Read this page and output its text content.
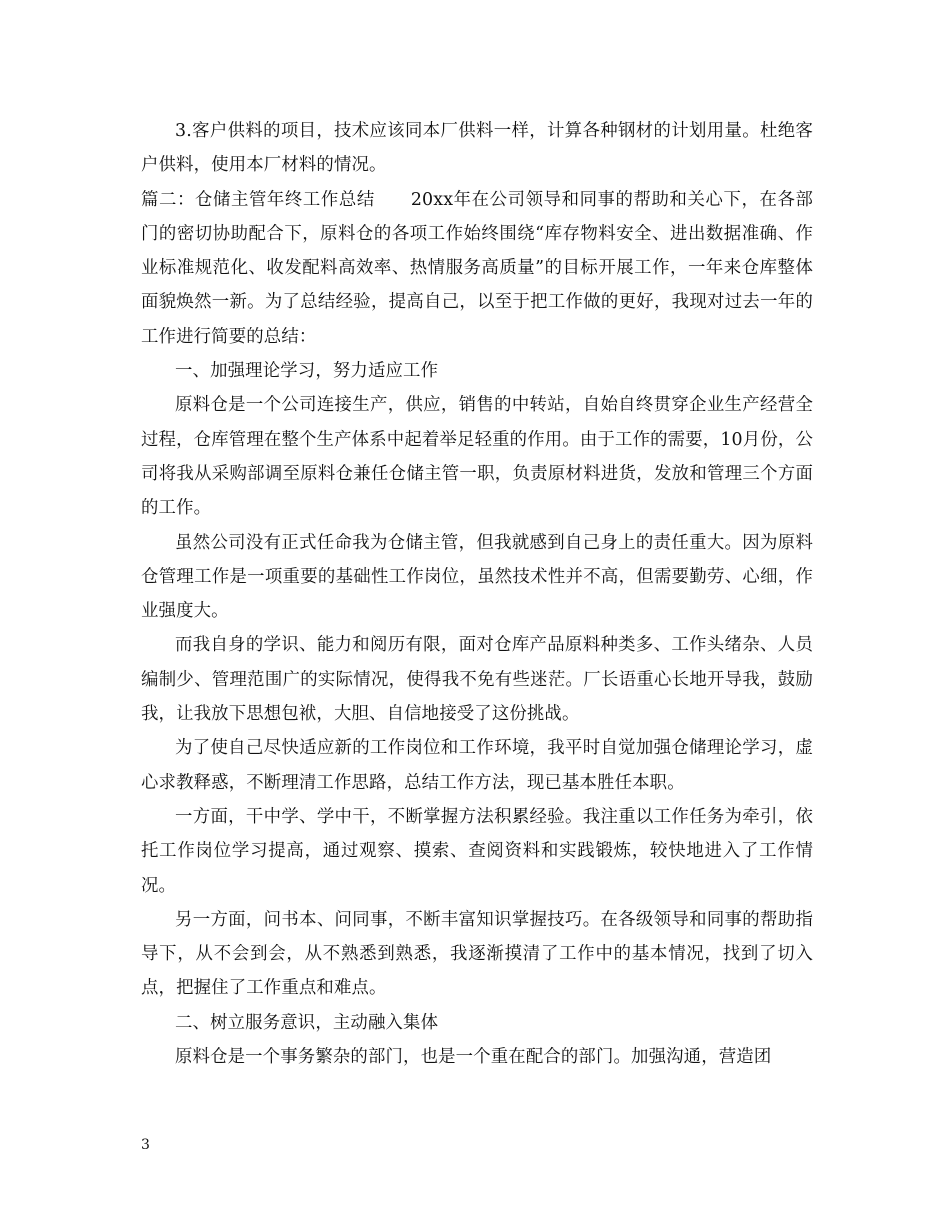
3.客户供料的项目，技术应该同本厂供料一样，计算各种钢材的计划用量。杜绝客户供料，使用本厂材料的情况。

篇二：仓储主管年终工作总结　　20xx年在公司领导和同事的帮助和关心下，在各部门的密切协助配合下，原料仓的各项工作始终围绕“库存物料安全、进出数据准确、作业标准规范化、收发配料高效率、热情服务高质量”的目标开展工作，一年来仓库整体面貌焕然一新。为了总结经验，提高自己，以至于把工作做的更好，我现对过去一年的工作进行简要的总结：

一、加强理论学习，努力适应工作

原料仓是一个公司连接生产，供应，销售的中转站，自始自终贯穿企业生产经营全过程，仓库管理在整个生产体系中起着举足轻重的作用。由于工作的需要，10月份，公司将我从采购部调至原料仓兼任仓储主管一职，负责原材料进货，发放和管理三个方面的工作。

虽然公司没有正式任命我为仓储主管，但我就感到自己身上的责任重大。因为原料仓管理工作是一项重要的基础性工作岗位，虽然技术性并不高，但需要勤劳、心细，作业强度大。

而我自身的学识、能力和阅历有限，面对仓库产品原料种类多、工作头绪杂、人员编制少、管理范围广的实际情况，使得我不免有些迷茫。厂长语重心长地开导我，鼓励我，让我放下思想包袱，大胆、自信地接受了这份挑战。

为了使自己尽快适应新的工作岗位和工作环境，我平时自觉加强仓储理论学习，虚心求教释惑，不断理清工作思路，总结工作方法，现已基本胜任本职。

一方面，干中学、学中干，不断掌握方法积累经验。我注重以工作任务为牵引，依托工作岗位学习提高，通过观察、摸索、查阅资料和实践锻炼，较快地进入了工作情况。

另一方面，问书本、问同事，不断丰富知识掌握技巧。在各级领导和同事的帮助指导下，从不会到会，从不熟悉到熟悉，我逐渐摸清了工作中的基本情况，找到了切入点，把握住了工作重点和难点。

二、树立服务意识，主动融入集体

原料仓是一个事务繁杂的部门，也是一个重在配合的部门。加强沟通，营造团

3
